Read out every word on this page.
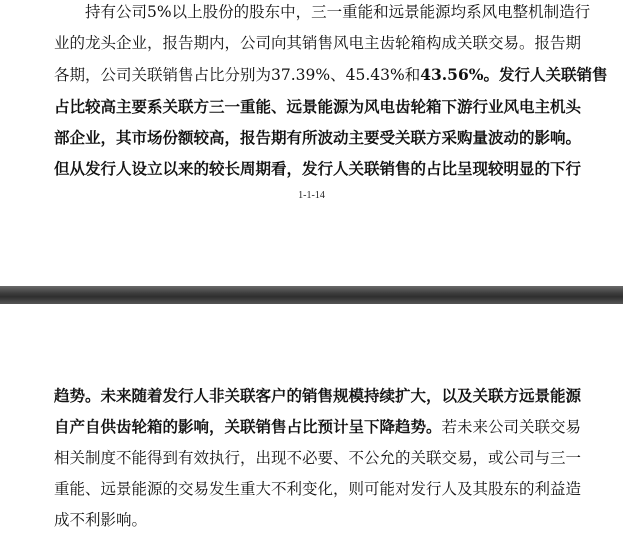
持有公司5%以上股份的股东中，三一重能和远景能源均系风电整机制造行
业的龙头企业，报告期内，公司向其销售风电主齿轮箱构成关联交易。报告期
各期，公司关联销售占比分别为37.39%、45.43%和43.56%。发行人关联销售
占比较高主要系关联方三一重能、远景能源为风电齿轮箱下游行业风电主机头
部企业，其市场份额较高，报告期有所波动主要受关联方采购量波动的影响。
但从发行人设立以来的较长周期看，发行人关联销售的占比呈现较明显的下行

1-1-14

趋势。未来随着发行人非关联客户的销售规模持续扩大，以及关联方远景能源
自产自供齿轮箱的影响，关联销售占比预计呈下降趋势。若未来公司关联交易
相关制度不能得到有效执行，出现不必要、不公允的关联交易，或公司与三一
重能、远景能源的交易发生重大不利变化，则可能对发行人及其股东的利益造
成不利影响。
